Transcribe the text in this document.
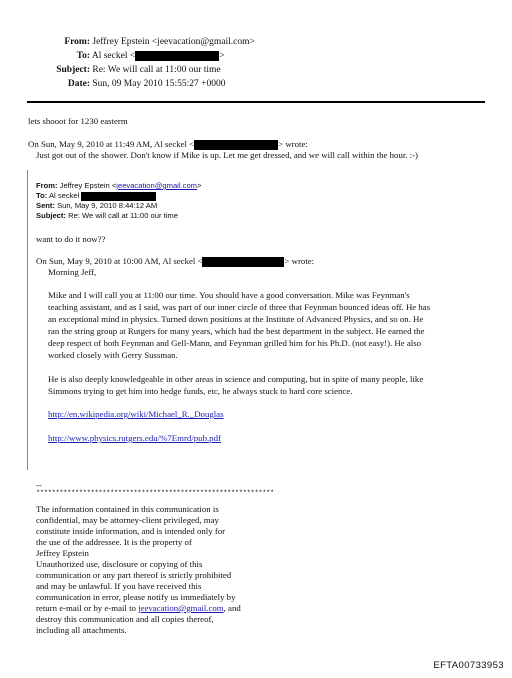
From: Jeffrey Epstein <jeevacation@gmail.com>
To: Al seckel <	>
Subject: Re: We will call at 11:00 our time
Date: Sun, 09 May 2010 15:55:27 +0000
lets shooot for 1230 easterm
On Sun, May 9, 2010 at 11:49 AM, Al seckel <	> wrote:
Just got out of the shower. Don't know if Mike is up. Let me get dressed, and we will call within the hour. :-)
From: Jeffrey Epstein <jeevacation@gmail.com>
To: Al seckel
Sent: Sun, May 9, 2010 8:44:12 AM
Subject: Re: We will call at 11:00 our time
want to do it now??
On Sun, May 9, 2010 at 10:00 AM, Al seckel <	> wrote:
Morning Jeff,
Mike and I will call you at 11:00 our time. You should have a good conversation. Mike was Feynman's
teaching assistant, and as I said, was part of our inner circle of three that Feynman bounced ideas off. He has
an exceptional mind in physics. Turned down positions at the Institute of Advanced Physics, and so on. He
ran the string group at Rutgers for many years, which had the best department in the subject. He earned the
deep respect of both Feynman and Gell-Mann, and Feynman grilled him for his Ph.D. (not easy!). He also
worked closely with Gerry Sussman.
He is also deeply knowledgeable in other areas in science and computing, but in spite of many people, like
Simmons trying to get him into hedge funds, etc, he always stuck to hard core science.
http://en.wikipedia.org/wiki/Michael_R._Douglas
http://www.physics.rutgers.edu/%7Emrd/pub.pdf
--
*************************************************************
The information contained in this communication is
confidential, may be attorney-client privileged, may
constitute inside information, and is intended only for
the use of the addressee. It is the property of
Jeffrey Epstein
Unauthorized use, disclosure or copying of this
communication or any part thereof is strictly prohibited
and may be unlawful. If you have received this
communication in error, please notify us immediately by
return e-mail or by e-mail to jeevacation@gmail.com, and
destroy this communication and all copies thereof,
including all attachments.
EFTA00733953
